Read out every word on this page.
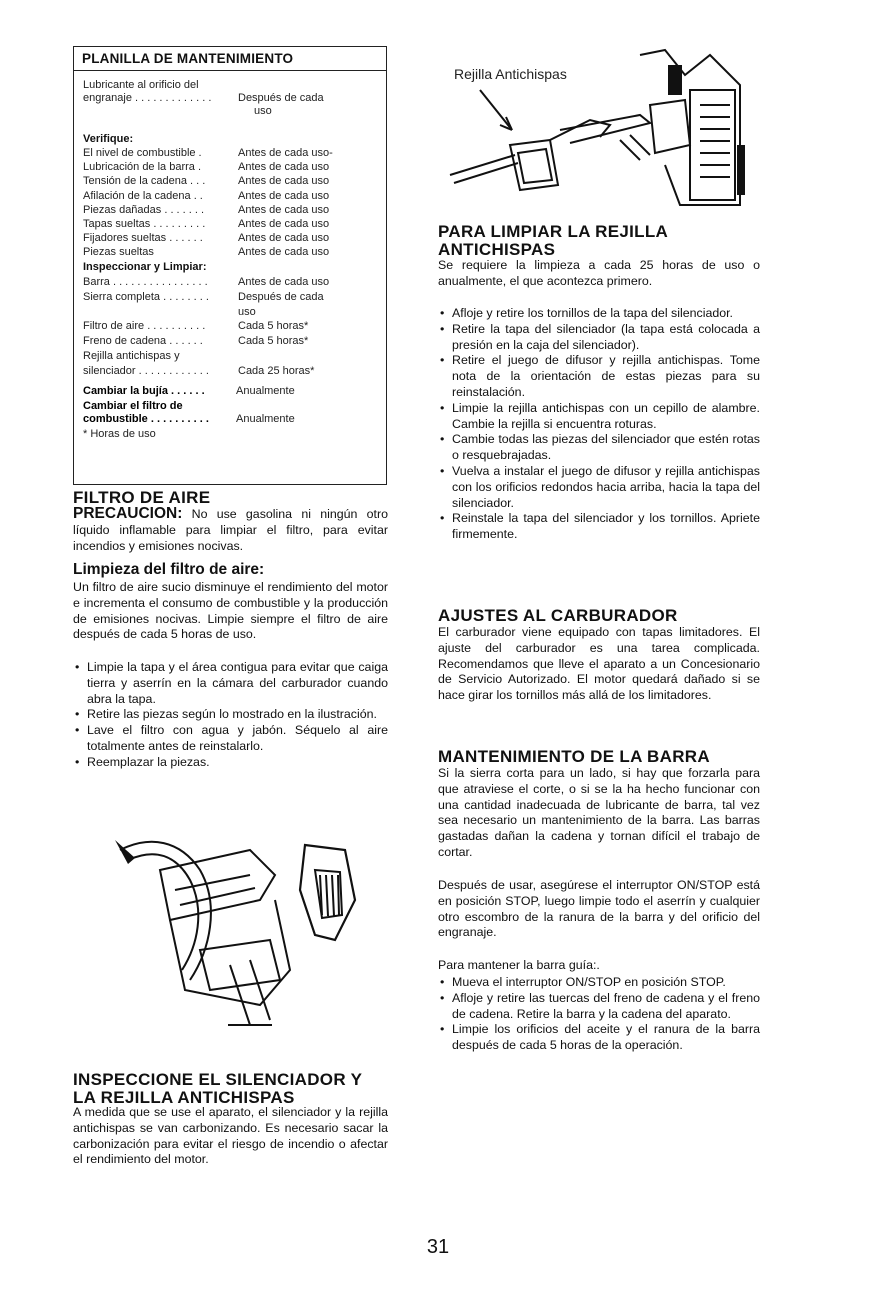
PLANILLA DE MANTENIMIENTO
Lubricante al orificio del
engranaje . . . . . . . . . . . . . Después de cada
uso
Verifique:
El nivel de combustible .	Antes de cada uso-
Lubricación de la barra .	Antes de cada uso
Tensión de la cadena . . .	Antes de cada uso
Afilación de la cadena . .	Antes de cada uso
Piezas dañadas . . . . . . .	Antes de cada uso
Tapas sueltas . . . . . . . . .	Antes de cada uso
Fijadores sueltas . . . . . .	Antes de cada uso
Piezas sueltas	Antes de cada uso
Inspeccionar y Limpiar:
Barra . . . . . . . . . . . . . . . .	Antes de cada uso
Sierra completa . . . . . . . .	Después de cada
uso
Filtro de aire . . . . . . . . . .	Cada 5 horas*
Freno de cadena . . . . . .	Cada 5 horas*
Rejilla antichispas y
silenciador . . . . . . . . . . . .	Cada 25 horas*
Cambiar la bujía . . . . . .	Anualmente
Cambiar el filtro de
combustible . . . . . . . . . . Anualmente
* Horas de uso
FILTRO DE AIRE
PRECAUCION: No use gasolina ni ningún otro líquido inflamable para limpiar el filtro, para evitar incendios y emisiones nocivas.
Limpieza del filtro de aire:
Un filtro de aire sucio disminuye el rendimiento del motor e incrementa el consumo de combustible y la producción de emisiones nocivas. Limpie siempre el filtro de aire después de cada 5 horas de uso.
• Limpie la tapa y el área contigua para evitar que caiga tierra y aserrín en la cámara del carburador cuando abra la tapa.
• Retire las piezas según lo mostrado en la ilustración.
• Lave el filtro con agua y jabón. Séquelo al aire totalmente antes de reinstalarlo.
• Reemplazar la piezas.
INSPECCIONE EL SILENCIADOR Y
LA REJILLA ANTICHISPAS
A medida que se use el aparato, el silenciador y la rejilla antichispas se van carbonizando. Es necesario sacar la carbonización para evitar el riesgo de incendio o afectar el rendimiento del motor.
Rejilla Antichispas
PARA LIMPIAR LA REJILLA
ANTICHISPAS
Se requiere la limpieza a cada 25 horas de uso o anualmente, el que acontezca primero.
• Afloje y retire los tornillos de la tapa del silenciador.
• Retire la tapa del silenciador (la tapa está colocada a presión en la caja del silenciador).
• Retire el juego de difusor y rejilla antichispas. Tome nota de la orientación de estas piezas para su reinstalación.
• Limpie la rejilla antichispas con un cepillo de alambre. Cambie la rejilla si encuentra roturas.
• Cambie todas las piezas del silenciador que estén rotas o resquebrajadas.
• Vuelva a instalar el juego de difusor y rejilla antichispas con los orificios redondos hacia arriba, hacia la tapa del silenciador.
• Reinstale la tapa del silenciador y los tornillos. Apriete firmemente.
AJUSTES AL CARBURADOR
El carburador viene equipado con tapas limitadores. El ajuste del carburador es una tarea complicada. Recomendamos que lleve el aparato a un Concesionario de Servicio Autorizado. El motor quedará dañado si se hace girar los tornillos más allá de los limitadores.
MANTENIMIENTO DE LA BARRA
Si la sierra corta para un lado, si hay que forzarla para que atraviese el corte, o si se la ha hecho funcionar con una cantidad inadecuada de lubricante de barra, tal vez sea necesario un mantenimiento de la barra. Las barras gastadas dañan la cadena y tornan difícil el trabajo de cortar.
Después de usar, asegúrese el interruptor ON/STOP está en posición STOP, luego limpie todo el aserrín y cualquier otro escombro de la ranura de la barra y del orificio del engranaje.
Para mantener la barra guía:.
• Mueva el interruptor ON/STOP en posición STOP.
• Afloje y retire las tuercas del freno de cadena y el freno de cadena. Retire la barra y la cadena del aparato.
• Limpie los orificios del aceite y el ranura de la barra después de cada 5 horas de la operación.
31
